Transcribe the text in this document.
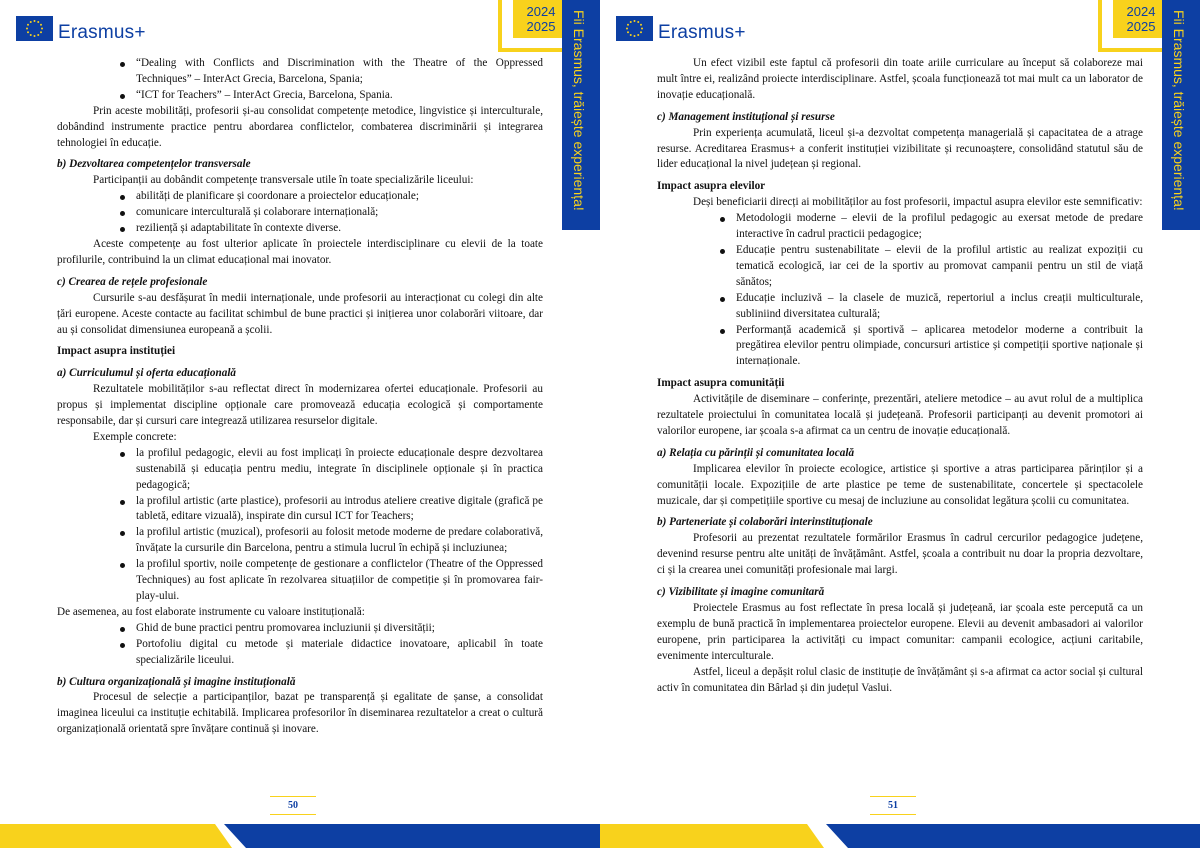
Erasmus+
2024
2025	Fii Erasmus, trăiește experiența!
“Dealing with Conflicts and Discrimination with the Theatre of the Oppressed Techniques” – InterAct Grecia, Barcelona, Spania;
“ICT for Teachers” – InterAct Grecia, Barcelona, Spania.

Prin aceste mobilități, profesorii și-au consolidat competențe metodice, lingvistice și interculturale, dobândind instrumente practice pentru abordarea conflictelor, combaterea discriminării și integrarea tehnologiei în educație.

b) Dezvoltarea competențelor transversale

Participanții au dobândit competențe transversale utile în toate specializările liceului:

abilități de planificare și coordonare a proiectelor educaționale;
comunicare interculturală și colaborare internațională;
reziliență și adaptabilitate în contexte diverse.

Aceste competențe au fost ulterior aplicate în proiectele interdisciplinare cu elevii de la toate profilurile, contribuind la un climat educațional mai inovator.

c) Crearea de rețele profesionale

Cursurile s-au desfășurat în medii internaționale, unde profesorii au interacționat cu colegi din alte țări europene. Aceste contacte au facilitat schimbul de bune practici și inițierea unor colaborări viitoare, dar au și consolidat dimensiunea europeană a școlii.

Impact asupra instituției

a) Curriculumul și oferta educațională

Rezultatele mobilităților s-au reflectat direct în modernizarea ofertei educaționale. Profesorii au propus și implementat discipline opționale care promovează educația ecologică și comportamente responsabile, dar și cursuri care integrează utilizarea resurselor digitale.

Exemple concrete:

la profilul pedagogic, elevii au fost implicați în proiecte educaționale despre dezvoltarea sustenabilă și educația pentru mediu, integrate în disciplinele opționale și în practica pedagogică;
la profilul artistic (arte plastice), profesorii au introdus ateliere creative digitale (grafică pe tabletă, editare vizuală), inspirate din cursul ICT for Teachers;
la profilul artistic (muzical), profesorii au folosit metode moderne de predare colaborativă, învățate la cursurile din Barcelona, pentru a stimula lucrul în echipă și incluziunea;
la profilul sportiv, noile competențe de gestionare a conflictelor (Theatre of the Oppressed Techniques) au fost aplicate în rezolvarea situațiilor de competiție și în promovarea fair-play-ului.

De asemenea, au fost elaborate instrumente cu valoare instituțională:

Ghid de bune practici pentru promovarea incluziunii și diversității;
Portofoliu digital cu metode și materiale didactice inovatoare, aplicabil în toate specializările liceului.

b) Cultura organizațională și imagine instituțională

Procesul de selecție a participanților, bazat pe transparență și egalitate de șanse, a consolidat imaginea liceului ca instituție echitabilă. Implicarea profesorilor în diseminarea rezultatelor a creat o cultură organizațională orientată spre învățare continuă și inovare.

50
Erasmus+
2024
2025	Fii Erasmus, trăiește experiența!

Un efect vizibil este faptul că profesorii din toate ariile curriculare au început să colaboreze mai mult între ei, realizând proiecte interdisciplinare. Astfel, școala funcționează tot mai mult ca un laborator de inovație educațională.

c) Management instituțional și resurse

Prin experiența acumulată, liceul și-a dezvoltat competența managerială și capacitatea de a atrage resurse. Acreditarea Erasmus+ a conferit instituției vizibilitate și recunoaștere, consolidând statutul său de lider educațional la nivel județean și regional.

Impact asupra elevilor

Deși beneficiarii direcți ai mobilităților au fost profesorii, impactul asupra elevilor este semnificativ:

Metodologii moderne – elevii de la profilul pedagogic au exersat metode de predare interactive în cadrul practicii pedagogice;
Educație pentru sustenabilitate – elevii de la profilul artistic au realizat expoziții cu tematică ecologică, iar cei de la sportiv au promovat campanii pentru un stil de viață sănătos;
Educație incluzivă – la clasele de muzică, repertoriul a inclus creații multiculturale, subliniind diversitatea culturală;
Performanță academică și sportivă – aplicarea metodelor moderne a contribuit la pregătirea elevilor pentru olimpiade, concursuri artistice și competiții sportive naționale și internaționale.

Impact asupra comunității

Activitățile de diseminare – conferințe, prezentări, ateliere metodice – au avut rolul de a multiplica rezultatele proiectului în comunitatea locală și județeană. Profesorii participanți au devenit promotori ai valorilor europene, iar școala s-a afirmat ca un centru de inovație educațională.

a) Relația cu părinții și comunitatea locală

Implicarea elevilor în proiecte ecologice, artistice și sportive a atras participarea părinților și a comunității locale. Expozițiile de arte plastice pe teme de sustenabilitate, concertele și spectacolele muzicale, dar și competițiile sportive cu mesaj de incluziune au consolidat legătura școlii cu comunitatea.

b) Parteneriate și colaborări interinstituționale

Profesorii au prezentat rezultatele formărilor Erasmus în cadrul cercurilor pedagogice județene, devenind resurse pentru alte unități de învățământ. Astfel, școala a contribuit nu doar la propria dezvoltare, ci și la crearea unei comunități profesionale mai largi.

c) Vizibilitate și imagine comunitară

Proiectele Erasmus au fost reflectate în presa locală și județeană, iar școala este percepută ca un exemplu de bună practică în implementarea proiectelor europene. Elevii au devenit ambasadori ai valorilor europene, prin participarea la activități cu impact comunitar: campanii ecologice, acțiuni caritabile, evenimente interculturale.

Astfel, liceul a depășit rolul clasic de instituție de învățământ și s-a afirmat ca actor social și cultural activ în comunitatea din Bârlad și din județul Vaslui.

51
